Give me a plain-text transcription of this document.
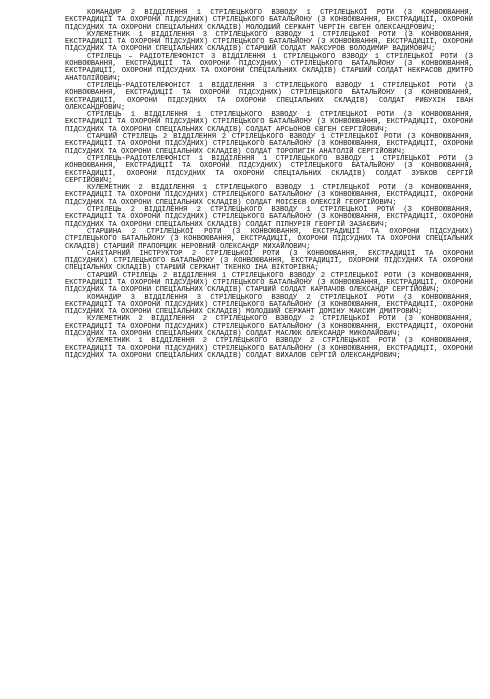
КОМАНДИР 2 ВІДДІЛЕННЯ 1 СТРІЛЕЦЬКОГО ВЗВОДУ 1 СТРІЛЕЦЬКОЇ РОТИ (З КОНВОЮВАННЯ, ЕКСТРАДИЦІЇ ТА ОХОРОНИ ПІДСУДНИХ) СТРІЛЕЦЬКОГО БАТАЛЬЙОНУ (З КОНВОЮВАННЯ, ЕКСТРАДИЦІЇ, ОХОРОНИ ПІДСУДНИХ ТА ОХОРОНИ СПЕЦІАЛЬНИХ СКЛАДІВ) МОЛОДШИЙ СЕРЖАНТ ЧЕРГІН ЄВГЕН ОЛЕКСАНДРОВИЧ;

КУЛЕМЕТНИК 1 ВІДДІЛЕННЯ 3 СТРІЛЕЦЬКОГО ВЗВОДУ 1 СТРІЛЕЦЬКОЇ РОТИ (З КОНВОЮВАННЯ, ЕКСТРАДИЦІЇ ТА ОХОРОНИ ПІДСУДНИХ) СТРІЛЕЦЬКОГО БАТАЛЬЙОНУ (З КОНВОЮВАННЯ, ЕКСТРАДИЦІЇ, ОХОРОНИ ПІДСУДНИХ ТА ОХОРОНИ СПЕЦІАЛЬНИХ СКЛАДІВ) СТАРШИЙ СОЛДАТ МАКСУРОВ ВОЛОДИМИР ВАДИМОВИЧ;

СТРІЛЕЦЬ – РАДІОТЕЛЕФОНІСТ 3 ВІДДІЛЕННЯ 1 СТРІЛЕЦЬКОГО ВЗВОДУ 1 СТРІЛЕЦЬКОЇ РОТИ (З КОНВОЮВАННЯ, ЕКСТРАДИЦІЇ ТА ОХОРОНИ ПІДСУДНИХ) СТРІЛЕЦЬКОГО БАТАЛЬЙОНУ (З КОНВОЮВАННЯ, ЕКСТРАДИЦІЇ, ОХОРОНИ ПІДСУДНИХ ТА ОХОРОНИ СПЕЦІАЛЬНИХ СКЛАДІВ) СТАРШИЙ СОЛДАТ НЕКРАСОВ ДМИТРО АНАТОЛІЙОВИЧ;

СТРІЛЕЦЬ-РАДІОТЕЛЕФОНІСТ 1 ВІДДІЛЕННЯ 3 СТРІЛЕЦЬКОГО ВЗВОДУ 1 СТРІЛЕЦЬКОЇ РОТИ (З КОНВОЮВАННЯ, ЕКСТРАДИЦІЇ ТА ОХОРОНИ ПІДСУДНИХ) СТРІЛЕЦЬКОГО БАТАЛЬЙОНУ (З КОНВОЮВАННЯ, ЕКСТРАДИЦІЇ, ОХОРОНИ ПІДСУДНИХ ТА ОХОРОНИ СПЕЦІАЛЬНИХ СКЛАДІВ) СОЛДАТ РИБУХІН ІВАН ОЛЕКСАНДРОВИЧ;

СТРІЛЕЦЬ 1 ВІДДІЛЕННЯ 1 СТРІЛЕЦЬКОГО ВЗВОДУ 1 СТРІЛЕЦЬКОЇ РОТИ (З КОНВОЮВАННЯ, ЕКСТРАДИЦІЇ ТА ОХОРОНИ ПІДСУДНИХ) СТРІЛЕЦЬКОГО БАТАЛЬЙОНУ (З КОНВОЮВАННЯ, ЕКСТРАДИЦІЇ, ОХОРОНИ ПІДСУДНИХ ТА ОХОРОНИ СПЕЦІАЛЬНИХ СКЛАДІВ) СОЛДАТ АРСЬОНОВ ЄВГЕН СЕРГІЙОВИЧ;

СТАРШИЙ СТРІЛЕЦЬ 2 ВІДДІЛЕННЯ 2 СТРІЛЕЦЬКОГО ВЗВОДУ 1 СТРІЛЕЦЬКОЇ РОТИ (З КОНВОЮВАННЯ, ЕКСТРАДИЦІЇ ТА ОХОРОНИ ПІДСУДНИХ) СТРІЛЕЦЬКОГО БАТАЛЬЙОНУ (З КОНВОЮВАННЯ, ЕКСТРАДИЦІЇ, ОХОРОНИ ПІДСУДНИХ ТА ОХОРОНИ СПЕЦІАЛЬНИХ СКЛАДІВ) СОЛДАТ ТОРОПИГІН АНАТОЛІЙ СЕРГІЙОВИЧ;

СТРІЛЕЦЬ-РАДІОТЕЛЕФОНІСТ 1 ВІДДІЛЕННЯ 1 СТРІЛЕЦЬКОГО ВЗВОДУ 1 СТРІЛЕЦЬКОЇ РОТИ (З КОНВОЮВАННЯ, ЕКСТРАДИЦІЇ ТА ОХОРОНИ ПІДСУДНИХ) СТРІЛЕЦЬКОГО БАТАЛЬЙОНУ (З КОНВОЮВАННЯ, ЕКСТРАДИЦІЇ, ОХОРОНИ ПІДСУДНИХ ТА ОХОРОНИ СПЕЦІАЛЬНИХ СКЛАДІВ) СОЛДАТ ЗУБКОВ СЕРГІЙ СЕРГІЙОВИЧ;

КУЛЕМЕТНИК 2 ВІДДІЛЕННЯ 1 СТРІЛЕЦЬКОГО ВЗВОДУ 1 СТРІЛЕЦЬКОЇ РОТИ (З КОНВОЮВАННЯ, ЕКСТРАДИЦІЇ ТА ОХОРОНИ ПІДСУДНИХ) СТРІЛЕЦЬКОГО БАТАЛЬЙОНУ (З КОНВОЮВАННЯ, ЕКСТРАДИЦІЇ, ОХОРОНИ ПІДСУДНИХ ТА ОХОРОНИ СПЕЦІАЛЬНИХ СКЛАДІВ) СОЛДАТ МОІСЕЄВ ОЛЕКСІЙ ГЕОРГІЙОВИЧ;

СТРІЛЕЦЬ 2 ВІДДІЛЕННЯ 2 СТРІЛЕЦЬКОГО ВЗВОДУ 1 СТРІЛЕЦЬКОЇ РОТИ (З КОНВОЮВАННЯ, ЕКСТРАДИЦІЇ ТА ОХОРОНИ ПІДСУДНИХ) СТРІЛЕЦЬКОГО БАТАЛЬЙОНУ (З КОНВОЮВАННЯ, ЕКСТРАДИЦІЇ, ОХОРОНИ ПІДСУДНИХ ТА ОХОРОНИ СПЕЦІАЛЬНИХ СКЛАДІВ) СОЛДАТ ПІПНУРІЯ ГЕОРГІЙ ЗАЗАЄВИЧ;

СТАРШИНА 2 СТРІЛЕЦЬКОЇ РОТИ (З КОНВОЮВАННЯ, ЕКСТРАДИЦІЇ ТА ОХОРОНИ ПІДСУДНИХ) СТРІЛЕЦЬКОГО БАТАЛЬЙОНУ (З КОНВОЮВАННЯ, ЕКСТРАДИЦІЇ, ОХОРОНИ ПІДСУДНИХ ТА ОХОРОНИ СПЕЦІАЛЬНИХ СКЛАДІВ) СТАРШИЙ ПРАПОРЩИК НЕРОВНИЙ ОЛЕКСАНДР МИХАЙЛОВИЧ;

САНІТАРНИЙ ІНСТРУКТОР 2 СТРІЛЕЦЬКОЇ РОТИ (З КОНВОЮВАННЯ, ЕКСТРАДИЦІЇ ТА ОХОРОНИ ПІДСУДНИХ) СТРІЛЕЦЬКОГО БАТАЛЬЙОНУ (З КОНВОЮВАННЯ, ЕКСТРАДИЦІЇ, ОХОРОНИ ПІДСУДНИХ ТА ОХОРОНИ СПЕЦІАЛЬНИХ СКЛАДІВ) СТАРШИЙ СЕРЖАНТ ТКЕНКО ІНА ВІКТОРІВНА;

СТАРШИЙ СТРІЛЕЦЬ 2 ВІДДІЛЕННЯ 1 СТРІЛЕЦЬКОГО ВЗВОДУ 2 СТРІЛЕЦЬКОЇ РОТИ (З КОНВОЮВАННЯ, ЕКСТРАДИЦІЇ ТА ОХОРОНИ ПІДСУДНИХ) СТРІЛЕЦЬКОГО БАТАЛЬЙОНУ (З КОНВОЮВАННЯ, ЕКСТРАДИЦІЇ, ОХОРОНИ ПІДСУДНИХ ТА ОХОРОНИ СПЕЦІАЛЬНИХ СКЛАДІВ) СТАРШИЙ СОЛДАТ КАРПАЧОВ ОЛЕКСАНДР СЕРГІЙОВИЧ;

КОМАНДИР 3 ВІДДІЛЕННЯ 3 СТРІЛЕЦЬКОГО ВЗВОДУ 2 СТРІЛЕЦЬКОЇ РОТИ (З КОНВОЮВАННЯ, ЕКСТРАДИЦІЇ ТА ОХОРОНИ ПІДСУДНИХ) СТРІЛЕЦЬКОГО БАТАЛЬЙОНУ (З КОНВОЮВАННЯ, ЕКСТРАДИЦІЇ, ОХОРОНИ ПІДСУДНИХ ТА ОХОРОНИ СПЕЦІАЛЬНИХ СКЛАДІВ) МОЛОДШИЙ СЕРЖАНТ ДОМІНУ МАКСИМ ДМИТРОВИЧ;

КУЛЕМЕТНИК 2 ВІДДІЛЕННЯ 2 СТРІЛЕЦЬКОГО ВЗВОДУ 2 СТРІЛЕЦЬКОЇ РОТИ (З КОНВОЮВАННЯ, ЕКСТРАДИЦІЇ ТА ОХОРОНИ ПІДСУДНИХ) СТРІЛЕЦЬКОГО БАТАЛЬЙОНУ (З КОНВОЮВАННЯ, ЕКСТРАДИЦІЇ, ОХОРОНИ ПІДСУДНИХ ТА ОХОРОНИ СПЕЦІАЛЬНИХ СКЛАДІВ) СОЛДАТ МАСЛЮК ОЛЕКСАНДР МИКОЛАЙОВИЧ;

КУЛЕМЕТНИК 1 ВІДДІЛЕННЯ 2 СТРІЛЕЦЬКОГО ВЗВОДУ 2 СТРІЛЕЦЬКОЇ РОТИ (З КОНВОЮВАННЯ, ЕКСТРАДИЦІЇ ТА ОХОРОНИ ПІДСУДНИХ) СТРІЛЕЦЬКОГО БАТАЛЬЙОНУ (З КОНВОЮВАННЯ, ЕКСТРАДИЦІЇ, ОХОРОНИ ПІДСУДНИХ ТА ОХОРОНИ СПЕЦІАЛЬНИХ СКЛАДІВ) СОЛДАТ ВИХАЛОВ СЕРГІЙ ОЛЕКСАНДРОВИЧ;
